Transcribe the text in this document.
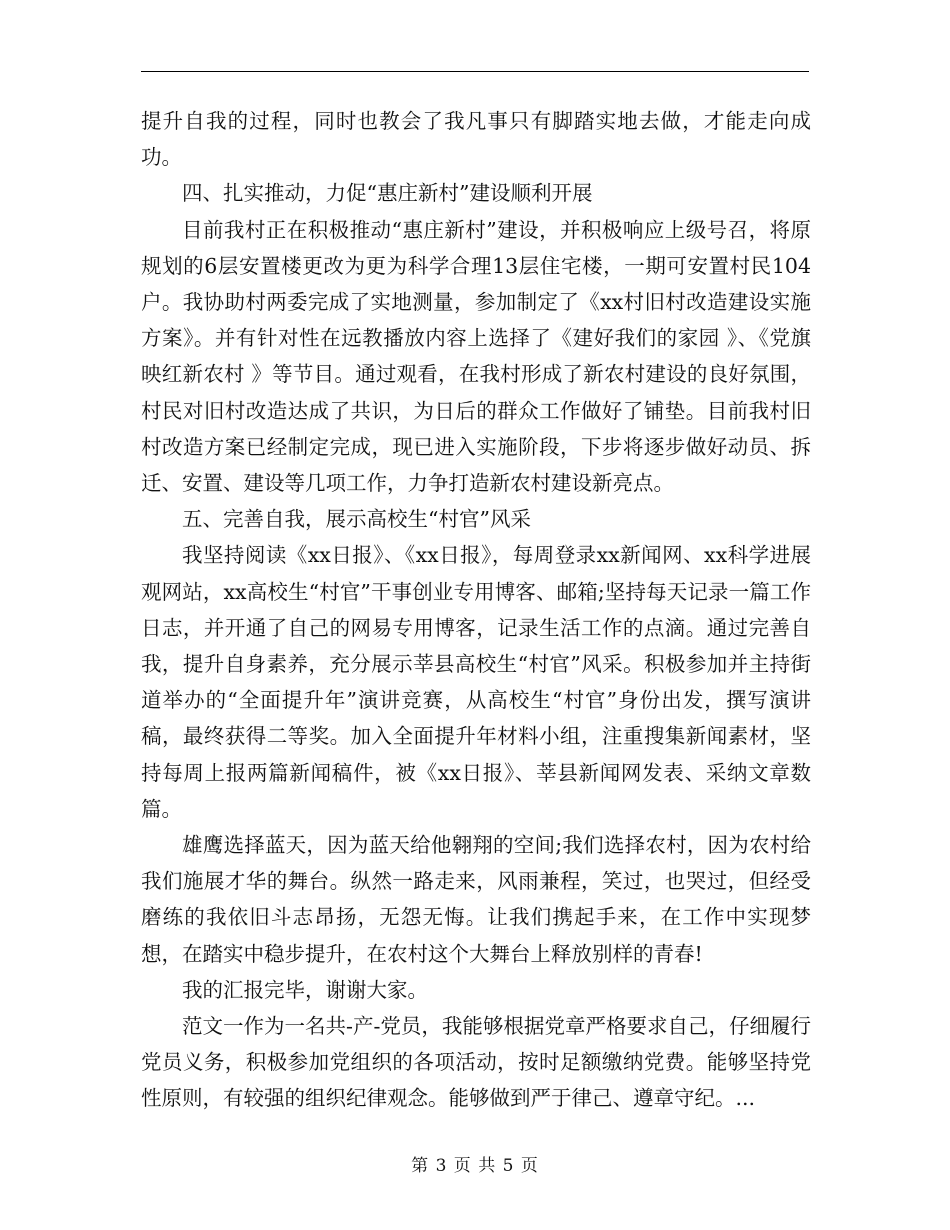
提升自我的过程，同时也教会了我凡事只有脚踏实地去做，才能走向成功。

四、扎实推动，力促“惠庄新村”建设顺利开展

目前我村正在积极推动“惠庄新村”建设，并积极响应上级号召，将原规划的6层安置楼更改为更为科学合理13层住宅楼，一期可安置村民104户。我协助村两委完成了实地测量，参加制定了《xx村旧村改造建设实施方案》。并有针对性在远教播放内容上选择了《建好我们的家园 》、《党旗映红新农村 》等节目。通过观看，在我村形成了新农村建设的良好氛围，村民对旧村改造达成了共识，为日后的群众工作做好了铺垫。目前我村旧村改造方案已经制定完成，现已进入实施阶段，下步将逐步做好动员、拆迁、安置、建设等几项工作，力争打造新农村建设新亮点。

五、完善自我，展示高校生“村官”风采

我坚持阅读《xx日报》、《xx日报》，每周登录xx新闻网、xx科学进展观网站，xx高校生“村官”干事创业专用博客、邮箱;坚持每天记录一篇工作日志，并开通了自己的网易专用博客，记录生活工作的点滴。通过完善自我，提升自身素养，充分展示莘县高校生“村官”风采。积极参加并主持街道举办的“全面提升年”演讲竞赛，从高校生“村官”身份出发，撰写演讲稿，最终获得二等奖。加入全面提升年材料小组，注重搜集新闻素材，坚持每周上报两篇新闻稿件，被《xx日报》、莘县新闻网发表、采纳文章数篇。

雄鹰选择蓝天，因为蓝天给他翱翔的空间;我们选择农村，因为农村给我们施展才华的舞台。纵然一路走来，风雨兼程，笑过，也哭过，但经受磨练的我依旧斗志昂扬，无怨无悔。让我们携起手来，在工作中实现梦想，在踏实中稳步提升，在农村这个大舞台上释放别样的青春!

我的汇报完毕，谢谢大家。

范文一作为一名共-产-党员，我能够根据党章严格要求自己，仔细履行党员义务，积极参加党组织的各项活动，按时足额缴纳党费。能够坚持党性原则，有较强的组织纪律观念。能够做到严于律己、遵章守纪。...

第 3 页 共 5 页
